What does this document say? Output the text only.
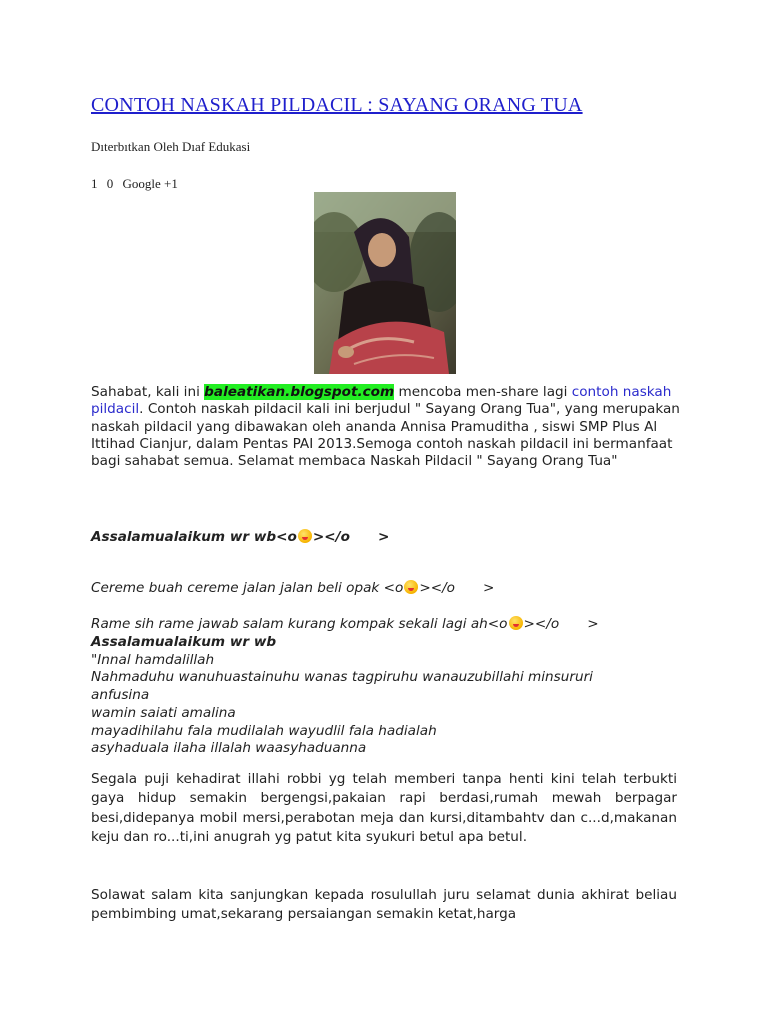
CONTOH NASKAH PILDACIL : SAYANG ORANG TUA
Dıterbıtkan Oleh Dıaf Edukasi
1 0 Google +1

Sahabat, kali ini baleatikan.blogspot.com mencoba men-share lagi contoh naskah pildacil. Contoh naskah pildacil kali ini berjudul " Sayang Orang Tua", yang merupakan naskah pildacil yang dibawakan oleh ananda Annisa Pramuditha , siswi SMP Plus Al Ittihad Cianjur, dalam Pentas PAI 2013.Semoga contoh naskah pildacil ini bermanfaat bagi sahabat semua. Selamat membaca Naskah Pildacil " Sayang Orang Tua"

Assalamualaikum wr wb<o ></o >

Cereme buah cereme jalan jalan beli opak <o ></o >

Rame sih rame jawab salam kurang kompak sekali lagi ah<o ></o >

Assalamualaikum wr wb
"Innal hamdalillah
Nahmaduhu wanuhuastainuhu wanas tagpiruhu wanauzubillahi minsururi
anfusina
wamin saiati amalina
mayadihilahu fala mudilalah wayudlil fala hadialah
asyhaduala ilaha illalah waasyhaduanna

Segala puji kehadirat illahi robbi yg telah memberi tanpa henti kini telah terbukti gaya hidup semakin bergengsi,pakaian rapi berdasi,rumah mewah berpagar besi,didepanya mobil mersi,perabotan meja dan kursi,ditambahtv dan c...d,makanan keju dan ro...ti,ini anugrah yg patut kita syukuri betul apa betul.

Solawat salam kita sanjungkan kepada rosulullah juru selamat dunia akhirat beliau pembimbing umat,sekarang persaiangan semakin ketat,harga
